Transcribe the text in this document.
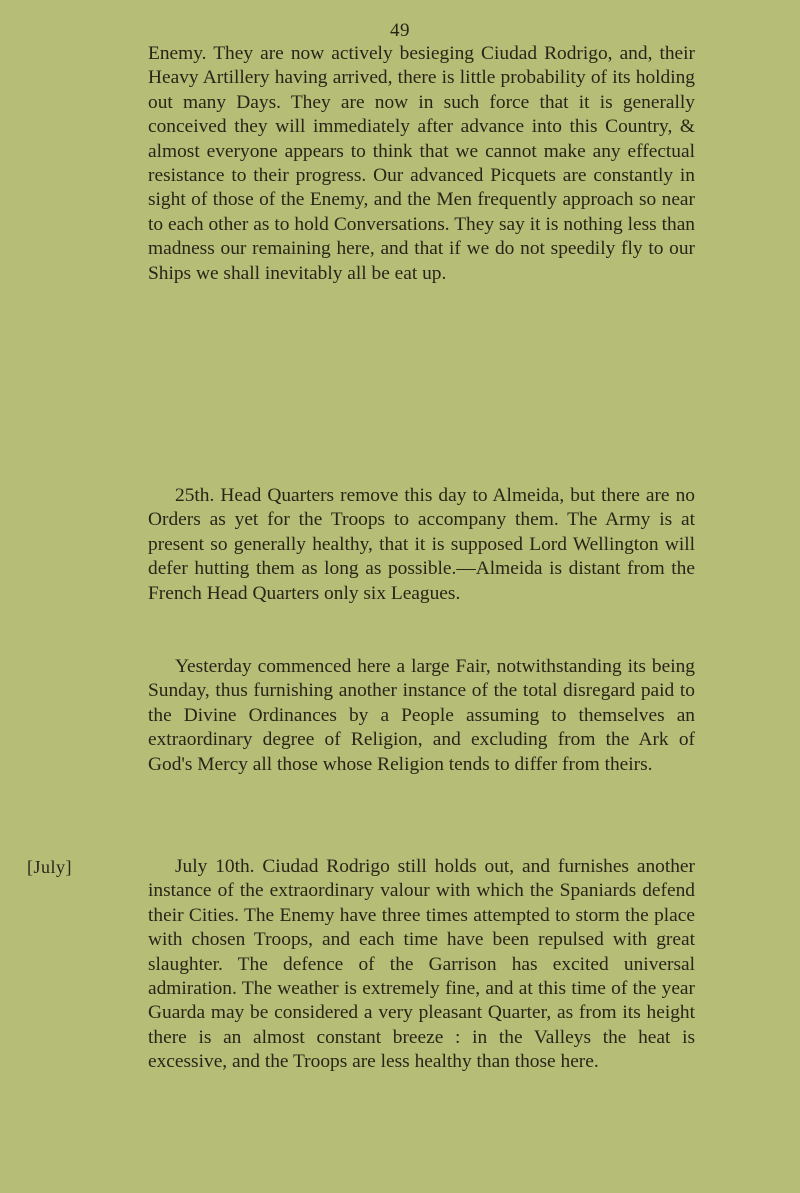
49

Enemy. They are now actively besieging Ciudad Rodrigo, and, their Heavy Artillery having arrived, there is little probability of its holding out many Days. They are now in such force that it is generally conceived they will immediately after advance into this Country, & almost everyone appears to think that we cannot make any effectual resistance to their progress. Our advanced Picquets are constantly in sight of those of the Enemy, and the Men frequently approach so near to each other as to hold Conversations. They say it is nothing less than madness our remaining here, and that if we do not speedily fly to our Ships we shall inevitably all be eat up.

25th. Head Quarters remove this day to Almeida, but there are no Orders as yet for the Troops to accompany them. The Army is at present so generally healthy, that it is supposed Lord Wellington will defer hutting them as long as possible.—Almeida is distant from the French Head Quarters only six Leagues.

Yesterday commenced here a large Fair, notwithstanding its being Sunday, thus furnishing another instance of the total disregard paid to the Divine Ordinances by a People assuming to themselves an extraordinary degree of Religion, and excluding from the Ark of God's Mercy all those whose Religion tends to differ from theirs.

[July]	July 10th. Ciudad Rodrigo still holds out, and furnishes another instance of the extraordinary valour with which the Spaniards defend their Cities. The Enemy have three times attempted to storm the place with chosen Troops, and each time have been repulsed with great slaughter. The defence of the Garrison has excited universal admiration. The weather is extremely fine, and at this time of the year Guarda may be considered a very pleasant Quarter, as from its height there is an almost constant breeze : in the Valleys the heat is excessive, and the Troops are less healthy than those here.
